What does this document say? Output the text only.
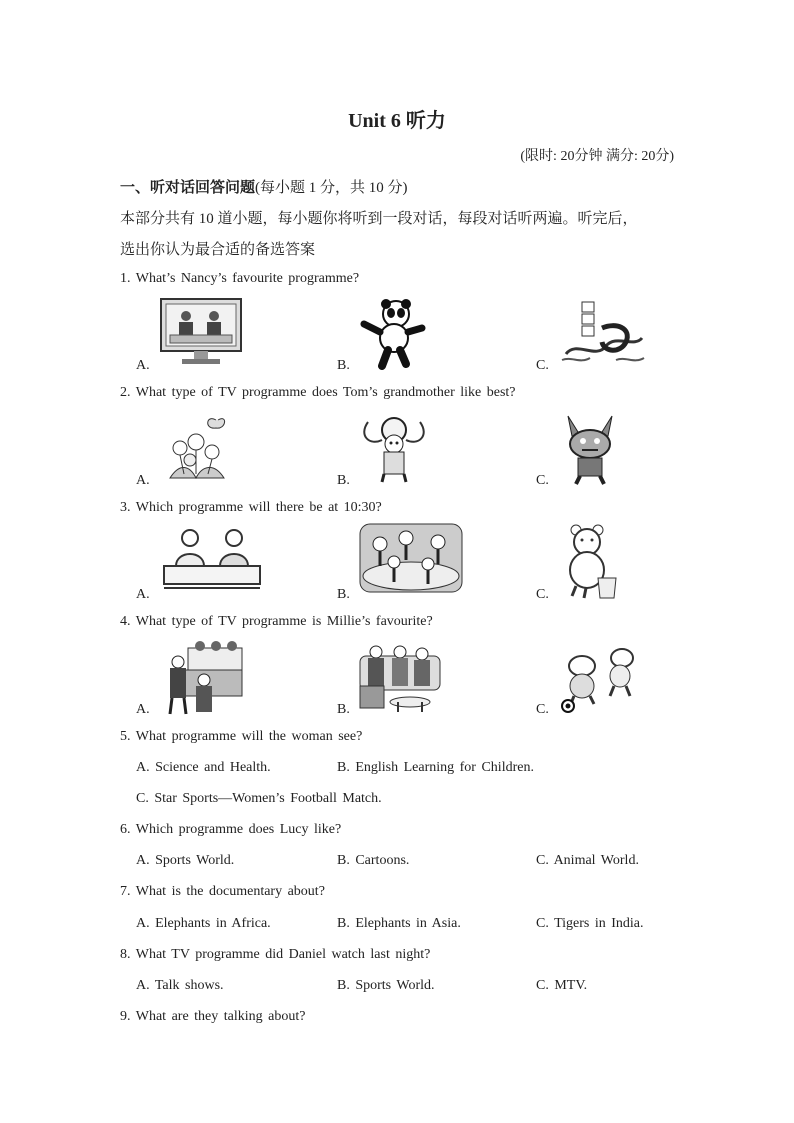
Unit 6 听力
(限时: 20分钟 满分: 20分)
一、听对话回答问题(每小题 1 分，共 10 分)
本部分共有 10 道小题，每小题你将听到一段对话，每段对话听两遍。听完后，
选出你认为最合适的备选答案
1. What’s Nancy’s favourite programme?
A.	B.	C.
2. What type of TV programme does Tom’s grandmother like best?
A.	B.	C.
3. Which programme will there be at 10:30?
A.	B.	C.
4. What type of TV programme is Millie’s favourite?
A.	B.	C.
5. What programme will the woman see?
A. Science and Health.	B. English Learning for Children.
C. Star Sports—Women’s Football Match.
6. Which programme does Lucy like?
A. Sports World.	B. Cartoons.	C. Animal World.
7. What is the documentary about?
A. Elephants in Africa.	B. Elephants in Asia.	C. Tigers in India.
8. What TV programme did Daniel watch last night?
A. Talk shows.	B. Sports World.	C. MTV.
9. What are they talking about?
